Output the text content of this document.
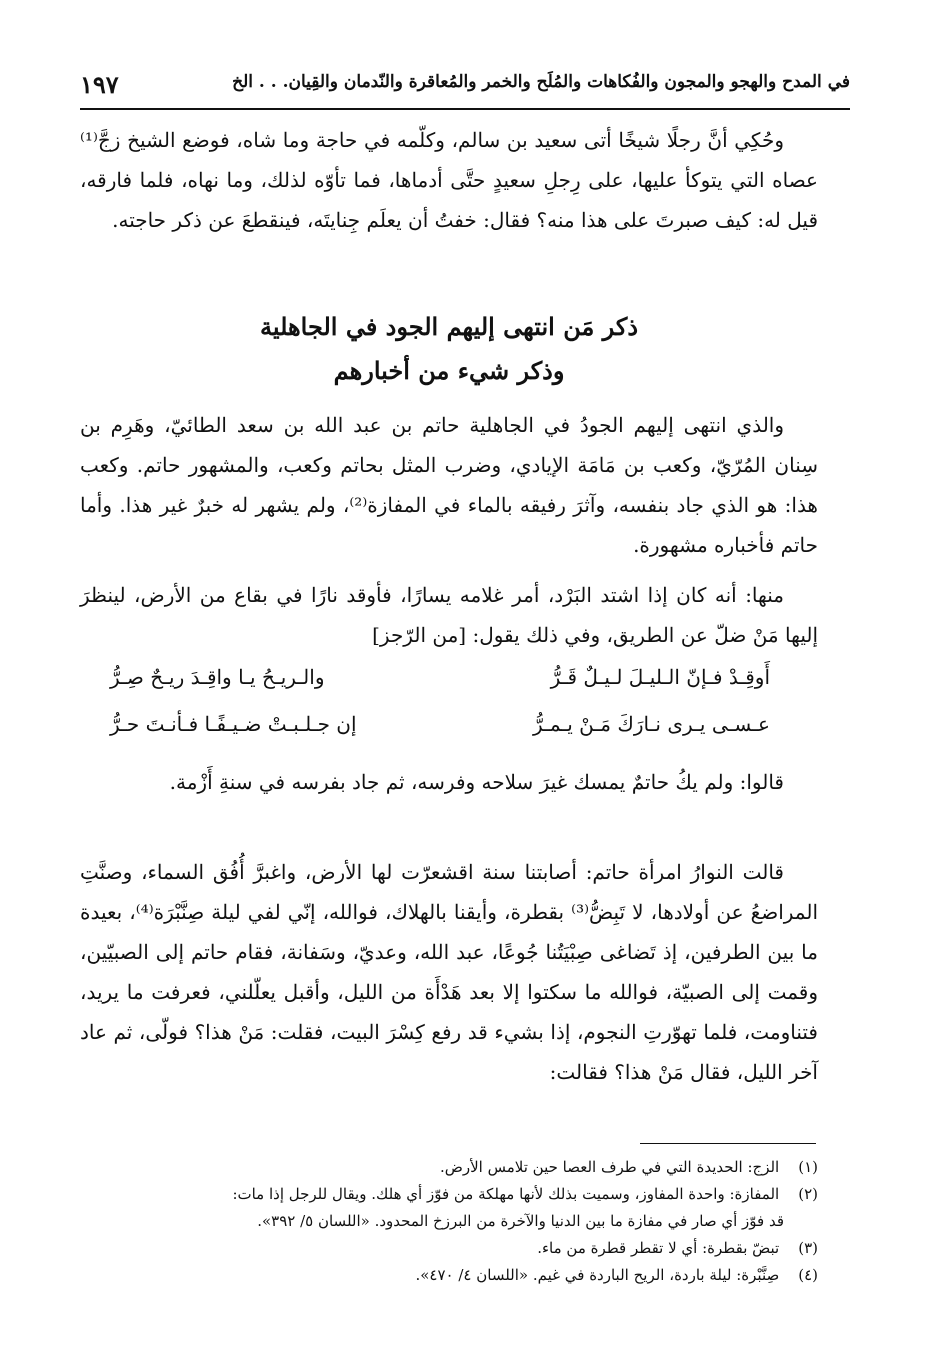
في المدح والهجو والمجون والفُكاهات والمُلَح والخمر والمُعاقرة والنّدمان والقِيان. . . الخ
١٩٧

وحُكِي أنَّ رجلًا شيخًا أتى سعيد بن سالم، وكلّمه في حاجة وما شاه، فوضع الشيخ زجَّ⁽¹⁾ عصاه التي يتوكأ عليها، على رِجلِ سعيدٍ حتَّى أدماها، فما تأوّه لذلك، وما نهاه، فلما فارقه، قيل له: كيف صبرتَ على هذا منه؟ فقال: خفتُ أن يعلَم جِنايتَه، فينقطعَ عن ذكر حاجته.

ذكر مَن انتهى إليهم الجود في الجاهلية
وذكر شيء من أخبارهم

والذي انتهى إليهم الجودُ في الجاهلية حاتم بن عبد الله بن سعد الطائيّ، وهَرِم بن سِنان المُرّيّ، وكعب بن مَامَة الإيادي، وضرب المثل بحاتم وكعب، والمشهور حاتم. وكعب هذا: هو الذي جاد بنفسه، وآثرَ رفيقه بالماء في المفازة⁽²⁾، ولم يشهر له خبرٌ غير هذا. وأما حاتم فأخباره مشهورة.

منها: أنه كان إذا اشتد البَرْد، أمر غلامه يسارًا، فأوقد نارًا في بقاع من الأرض، لينظرَ إليها مَنْ ضلّ عن الطريق، وفي ذلك يقول: [من الرّجز]

أَوقِـدْ فـإنّ الـليـلَ لـيـلٌ قَـرُّ
والـريـحُ يـا واقِـدَ ريـحٌ صِـرُّ
عـسـى يـرى نـارَكَ مَـنْ يـمـرُّ
إن جـلـبـتْ ضـيـفًـا فـأنـتَ حـرُّ

قالوا: ولم يكُ حاتمٌ يمسك غيرَ سلاحه وفرسه، ثم جاد بفرسه في سنةِ أَزْمة.

قالت النوارُ امرأة حاتم: أصابتنا سنة اقشعرّت لها الأرض، واغبرَّ أُفُق السماء، وصنَّتِ المراضعُ عن أولادها، لا تَبِضُّ⁽³⁾ بقطرة، وأيقنا بالهلاك، فوالله، إنّي لفي ليلة صِنَّبْرَة⁽⁴⁾، بعيدة ما بين الطرفين، إذ تَضاغى صِبْيَتُنا جُوعًا، عبد الله، وعديّ، وسَفانة، فقام حاتم إلى الصبيّين، وقمت إلى الصبيّة، فوالله ما سكتوا إلا بعد هَدْأَة من الليل، وأقبل يعلّلني، فعرفت ما يريد، فتناومت، فلما تهوّرتِ النجوم، إذا بشيء قد رفع كِسْرَ البيت، فقلت: مَنْ هذا؟ فولّى، ثم عاد آخر الليل، فقال مَنْ هذا؟ فقالت:

(١) الزج: الحديدة التي في طرف العصا حين تلامس الأرض.
(٢) المفازة: واحدة المفاوز، وسميت بذلك لأنها مهلكة من فوّز أي هلك. ويقال للرجل إذا مات:
قد فوّز أي صار في مفازة ما بين الدنيا والآخرة من البرزخ المحدود. «اللسان ٥/ ٣٩٢».
(٣) تبضّ بقطرة: أي لا تقطر قطرة من ماء.
(٤) صِنَّبْرة: ليلة باردة، الريح الباردة في غيم. «اللسان ٤/ ٤٧٠».
